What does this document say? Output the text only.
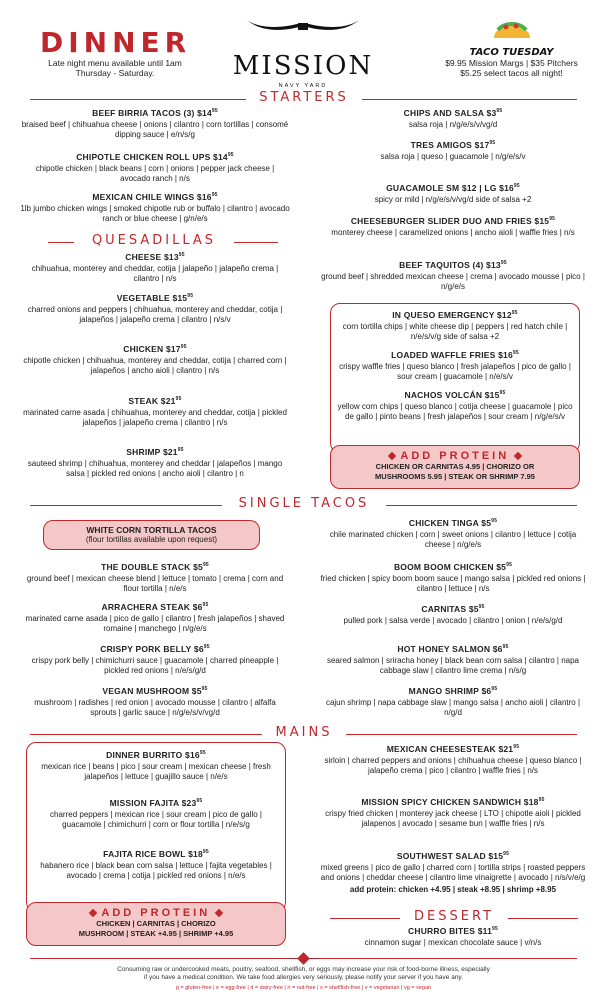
DINNER
Late night menu available until 1am
Thursday - Saturday.	MISSION
NAVY YARD
TACO TUESDAY
$9.95 Mission Margs | $35 Pitchers
$5.25 select tacos all night!
STARTERS
BEEF BIRRIA TACOS (3) $\$14^{95}$
braised beef | chihuahua cheese | onions | cilantro | corn tortillas | consomé dipping sauce | e/n/s/g
CHIPOTLE CHICKEN ROLL UPS $\$14^{95}$
chipotle chicken | black beans | corn | onions | pepper jack cheese | avocado ranch | n/s
MEXICAN CHILE WINGS $\$16^{95}$
1lb jumbo chicken wings | smoked chipotle rub or buffalo | cilantro | avocado ranch or blue cheese | g/n/e/s
QUESADILLAS
CHEESE $\$13^{95}$
chihuahua, monterey and cheddar, cotija | jalapeño | jalapeño crema | cilantro | n/s
VEGETABLE $\$15^{95}$
charred onions and peppers | chihuahua, monterey and cheddar, cotija | jalapeños | jalapeño crema | cilantro | n/s/v
CHICKEN $\$17^{95}$
chipotle chicken | chihuahua, monterey and cheddar, cotija | charred corn | jalapeños | ancho aioli | cilantro | n/s
STEAK $\$21^{95}$
marinated carne asada | chihuahua, monterey and cheddar, cotija | pickled jalapeños | jalapeño crema | cilantro | n/s
SHRIMP $\$21^{95}$
sauteed shrimp | chihuahua, monterey and cheddar | jalapeños | mango salsa | pickled red onions | ancho aioli | cilantro | n
CHIPS AND SALSA $\$3^{95}$
salsa roja | n/g/e/s/v/vg/d
TRES AMIGOS $\$17^{95}$
salsa roja | queso | guacamole | n/g/e/s/v
GUACAMOLE SM $12 | LG $\$16^{95}$
spicy or mild | n/g/e/s/v/vg/d side of salsa +2
CHEESEBURGER SLIDER DUO AND FRIES $\$15^{95}$
monterey cheese | caramelized onions | ancho aioli | waffle fries | n/s
BEEF TAQUITOS (4) $\$13^{95}$
ground beef | shredded mexican cheese | crema | avocado mousse | pico | n/g/e/s
IN QUESO EMERGENCY $\$12^{95}$
corn tortilla chips | white cheese dip | peppers | red hatch chile | n/e/s/v/g side of salsa +2
LOADED WAFFLE FRIES $\$16^{95}$
crispy waffle fries | queso blanco | fresh jalapeños | pico de gallo | sour cream | guacamole | n/e/s/v
NACHOS VOLCÁN $\$15^{95}$
yellow corn chips | queso blanco | cotija cheese | guacamole | pico de gallo | pinto beans | fresh jalapeños | sour cream | n/g/e/s/v
ADD PROTEIN
CHICKEN OR CARNITAS 4.95 | CHORIZO OR
MUSHROOMS 5.95 | STEAK OR SHRIMP 7.95
SINGLE TACOS
WHITE CORN TORTILLA TACOS
(flour tortillas available upon request)
THE DOUBLE STACK $\$5^{95}$
ground beef | mexican cheese blend | lettuce | tomato | crema | corn and flour tortilla | n/e/s
ARRACHERA STEAK $\$6^{95}$
marinated carne asada | pico de gallo | cilantro | fresh jalapeños | shaved romaine | manchego | n/g/e/s
CRISPY PORK BELLY $\$6^{95}$
crispy pork belly | chimichurri sauce | guacamole | charred pineapple | pickled red onions | n/e/s/g/d
VEGAN MUSHROOM $\$5^{95}$
mushroom | radishes | red onion | avocado mousse | cilantro | alfalfa sprouts | garlic sauce | n/g/e/s/v/vg/d
CHICKEN TINGA $\$5^{95}$
chile marinated chicken | corn | sweet onions | cilantro | lettuce | cotija cheese | n/g/e/s
BOOM BOOM CHICKEN $\$5^{95}$
fried chicken | spicy boom boom sauce | mango salsa | pickled red onions | cilantro | lettuce | n/s
CARNITAS $\$5^{95}$
pulled pork | salsa verde | avocado | cilantro | onion | n/e/s/g/d
HOT HONEY SALMON $\$6^{95}$
seared salmon | sriracha honey | black bean corn salsa | cilantro | napa cabbage slaw | cilantro lime crema | n/s/g
MANGO SHRIMP $\$6^{95}$
cajun shrimp | napa cabbage slaw | mango salsa | ancho aioli | cilantro | n/g/d
MAINS
DINNER BURRITO $\$16^{95}$
mexican rice | beans | pico | sour cream | mexican cheese | fresh jalapeños | lettuce | guajillo sauce | n/e/s
MISSION FAJITA $\$23^{95}$
charred peppers | mexican rice | sour cream | pico de gallo | guacamole | chimichurri | corn or flour tortilla | n/e/s/g
FAJITA RICE BOWL $\$18^{95}$
habanero rice | black bean corn salsa | lettuce | fajita vegetables | avocado | crema | cotija | pickled red onions | n/e/s
ADD PROTEIN
CHICKEN | CARNITAS | CHORIZO
MUSHROOM | STEAK +4.95 | SHRIMP +4.95
MEXICAN CHEESESTEAK $\$21^{95}$
sirloin | charred peppers and onions | chihuahua cheese | queso blanco | jalapeño crema | pico | cilantro | waffle fries | n/s
MISSION SPICY CHICKEN SANDWICH $\$18^{95}$
crispy fried chicken | monterey jack cheese | LTO | chipotle aioli | pickled jalapenos | avocado | sesame bun | waffle fries | n/s
SOUTHWEST SALAD $\$15^{95}$
mixed greens | pico de gallo | charred corn | tortilla strips | roasted peppers and onions | cheddar cheese | cilantro lime vinaigrette | avocado | n/s/v/e/g
add protein: chicken +4.95 | steak +8.95 | shrimp +8.95
DESSERT
CHURRO BITES $\$11^{95}$
cinnamon sugar | mexican chocolate sauce | v/n/s
Consuming raw or undercooked meats, poultry, seafood, shellfish, or eggs may increase your risk of food-borne illness, especially
if you have a medical condition. We take food allergies very seriously, please notify your server if you have any.
g = gluten-free | e = egg-free | d = dairy-free | n = nut-free | s = shellfish-free | v = vegetarian | vg = vegan
